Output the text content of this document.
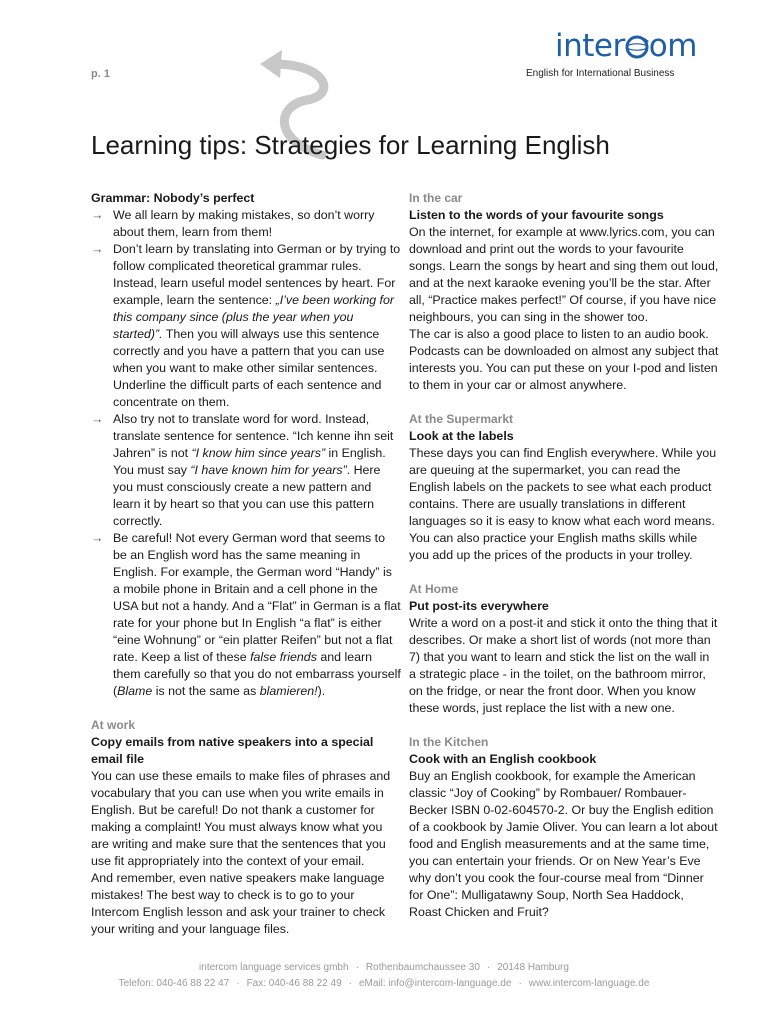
inter om
English for International Business
p. 1
Learning tips: Strategies for Learning English
Grammar: Nobody’s perfect
→ We all learn by making mistakes, so don’t worry about them, learn from them!
→ Don’t learn by translating into German or by trying to follow complicated theoretical grammar rules. Instead, learn useful model sentences by heart. For example, learn the sentence: „I’ve been working for this company since (plus the year when you started)”. Then you will always use this sentence correctly and you have a pattern that you can use when you want to make other similar sentences. Underline the difficult parts of each sentence and concentrate on them.
→ Also try not to translate word for word. Instead, translate sentence for sentence. “Ich kenne ihn seit Jahren” is not “I know him since years” in English. You must say “I have known him for years”. Here you must consciously create a new pattern and learn it by heart so that you can use this pattern correctly.
→ Be careful! Not every German word that seems to be an English word has the same meaning in English. For example, the German word “Handy” is a mobile phone in Britain and a cell phone in the USA but not a handy. And a “Flat” in German is a flat rate for your phone but In English “a flat” is either “eine Wohnung” or “ein platter Reifen” but not a flat rate. Keep a list of these false friends and learn them carefully so that you do not embarrass yourself (Blame is not the same as blamieren!).
At work
Copy emails from native speakers into a special email file

You can use these emails to make files of phrases and vocabulary that you can use when you write emails in English. But be careful! Do not thank a customer for making a complaint! You must always know what you are writing and make sure that the sentences that you use fit appropriately into the context of your email.

And remember, even native speakers make language mistakes! The best way to check is to go to your Intercom English lesson and ask your trainer to check your writing and your language files.

In the car
Listen to the words of your favourite songs

On the internet, for example at www.lyrics.com, you can download and print out the words to your favourite songs. Learn the songs by heart and sing them out loud, and at the next karaoke evening you’ll be the star. After all, “Practice makes perfect!” Of course, if you have nice neighbours, you can sing in the shower too.

The car is also a good place to listen to an audio book. Podcasts can be downloaded on almost any subject that interests you. You can put these on your I-pod and listen to them in your car or almost anywhere.

At the Supermarkt
Look at the labels

These days you can find English everywhere. While you are queuing at the supermarket, you can read the English labels on the packets to see what each product contains. There are usually translations in different languages so it is easy to know what each word means. You can also practice your English maths skills while you add up the prices of the products in your trolley.

At Home
Put post-its everywhere

Write a word on a post-it and stick it onto the thing that it describes. Or make a short list of words (not more than 7) that you want to learn and stick the list on the wall in a strategic place - in the toilet, on the bathroom mirror, on the fridge, or near the front door. When you know these words, just replace the list with a new one.

In the Kitchen
Cook with an English cookbook

Buy an English cookbook, for example the American classic “Joy of Cooking” by Rombauer/ Rombauer-Becker ISBN 0-02-604570-2. Or buy the English edition of a cookbook by Jamie Oliver. You can learn a lot about food and English measurements and at the same time, you can entertain your friends. Or on New Year’s Eve why don’t you cook the four-course meal from “Dinner for One”: Mulligatawny Soup, North Sea Haddock, Roast Chicken and Fruit?

intercom language services gmbh · Rothenbaumchaussee 30 · 20148 Hamburg
Telefon: 040-46 88 22 47 · Fax: 040-46 88 22 49 · eMail: info@intercom-language.de · www.intercom-language.de
